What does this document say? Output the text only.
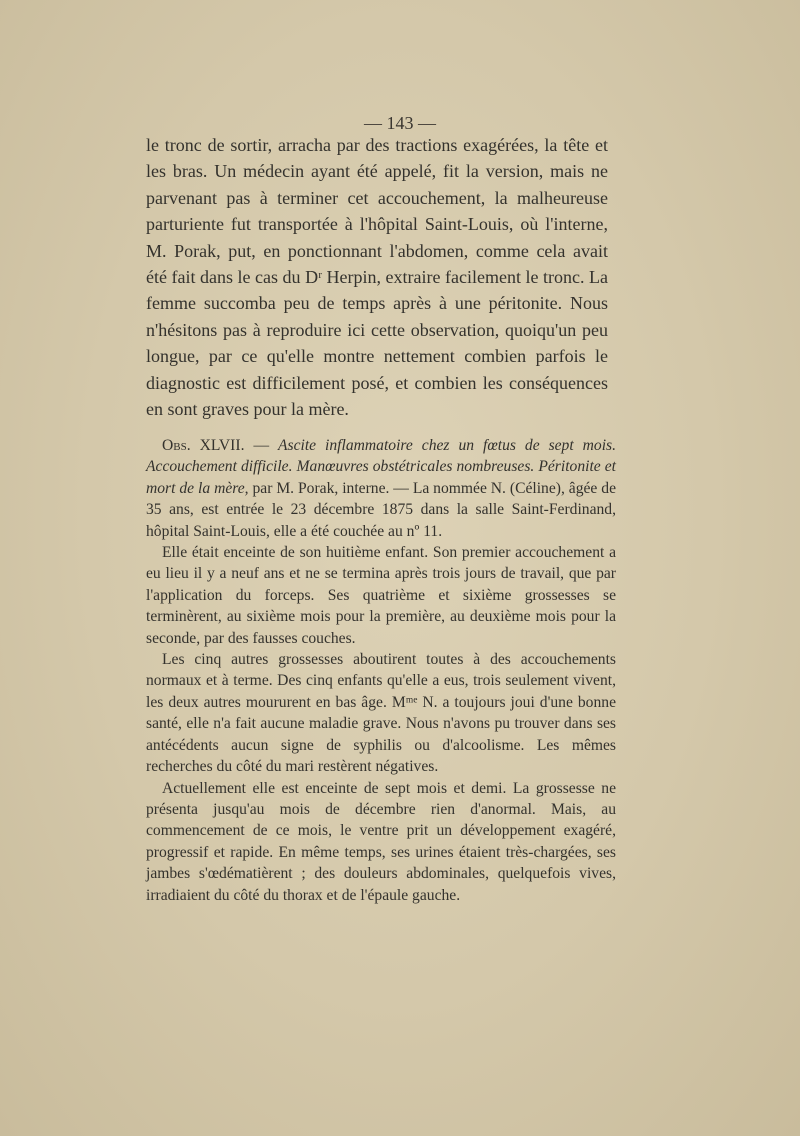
— 143 —

le tronc de sortir, arracha par des tractions exagérées, la tête et les bras. Un médecin ayant été appelé, fit la version, mais ne parvenant pas à terminer cet accouchement, la malheureuse parturiente fut transportée à l'hôpital Saint-Louis, où l'interne, M. Porak, put, en ponctionnant l'abdomen, comme cela avait été fait dans le cas du Dʳ Herpin, extraire facilement le tronc. La femme succomba peu de temps après à une péritonite. Nous n'hésitons pas à reproduire ici cette observation, quoiqu'un peu longue, par ce qu'elle montre nettement combien parfois le diagnostic est difficilement posé, et combien les conséquences en sont graves pour la mère.

Obs. XLVII. — Ascite inflammatoire chez un fœtus de sept mois. Accouchement difficile. Manœuvres obstétricales nombreuses. Péritonite et mort de la mère, par M. Porak, interne. — La nommée N. (Céline), âgée de 35 ans, est entrée le 23 décembre 1875 dans la salle Saint-Ferdinand, hôpital Saint-Louis, elle a été couchée au nº 11.

Elle était enceinte de son huitième enfant. Son premier accouchement a eu lieu il y a neuf ans et ne se termina après trois jours de travail, que par l'application du forceps. Ses quatrième et sixième grossesses se terminèrent, au sixième mois pour la première, au deuxième mois pour la seconde, par des fausses couches.

Les cinq autres grossesses aboutirent toutes à des accouchements normaux et à terme. Des cinq enfants qu'elle a eus, trois seulement vivent, les deux autres moururent en bas âge. Mᵐᵉ N. a toujours joui d'une bonne santé, elle n'a fait aucune maladie grave. Nous n'avons pu trouver dans ses antécédents aucun signe de syphilis ou d'alcoolisme. Les mêmes recherches du côté du mari restèrent négatives.

Actuellement elle est enceinte de sept mois et demi. La grossesse ne présenta jusqu'au mois de décembre rien d'anormal. Mais, au commencement de ce mois, le ventre prit un développement exagéré, progressif et rapide. En même temps, ses urines étaient très-chargées, ses jambes s'œdématièrent ; des douleurs abdominales, quelquefois vives, irradiaient du côté du thorax et de l'épaule gauche.
